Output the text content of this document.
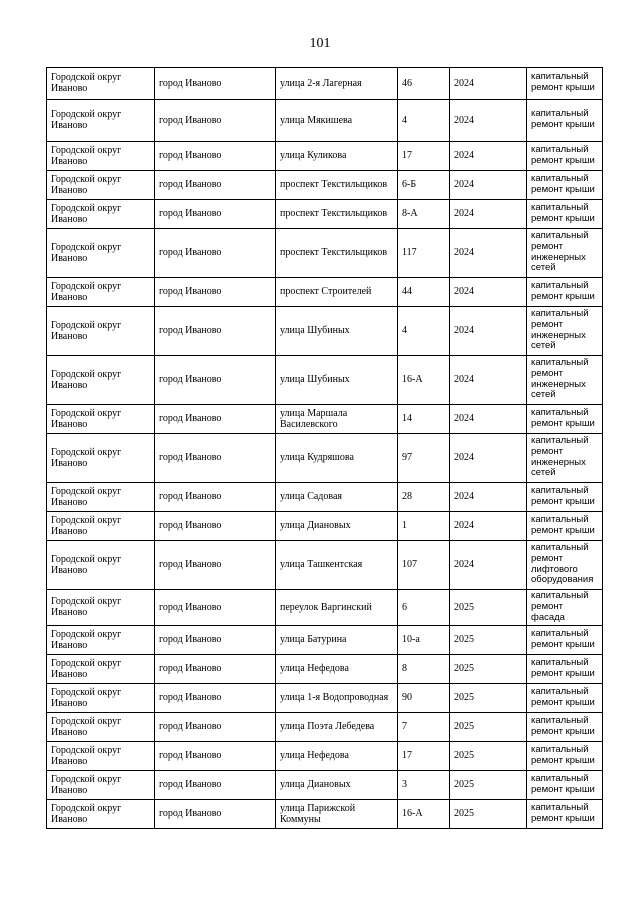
101
Городской округ Иваново	город Иваново	улица 2-я Лагерная	46	2024	капитальный ремонт крыши
Городской округ Иваново	город Иваново	улица Мякишева	4	2024	капитальный ремонт крыши
Городской округ Иваново	город Иваново	улица Куликова	17	2024	капитальный ремонт крыши
Городской округ Иваново	город Иваново	проспект Текстильщиков	6-Б	2024	капитальный ремонт крыши
Городской округ Иваново	город Иваново	проспект Текстильщиков	8-А	2024	капитальный ремонт крыши
Городской округ Иваново	город Иваново	проспект Текстильщиков	117	2024	капитальный ремонт инженерных сетей
Городской округ Иваново	город Иваново	проспект Строителей	44	2024	капитальный ремонт крыши
Городской округ Иваново	город Иваново	улица Шубиных	4	2024	капитальный ремонт инженерных сетей
Городской округ Иваново	город Иваново	улица Шубиных	16-А	2024	капитальный ремонт инженерных сетей
Городской округ Иваново	город Иваново	улица Маршала Василевского	14	2024	капитальный ремонт крыши
Городской округ Иваново	город Иваново	улица Кудряшова	97	2024	капитальный ремонт инженерных сетей
Городской округ Иваново	город Иваново	улица Садовая	28	2024	капитальный ремонт крыши
Городской округ Иваново	город Иваново	улица Диановых	1	2024	капитальный ремонт крыши
Городской округ Иваново	город Иваново	улица Ташкентская	107	2024	капитальный ремонт лифтового оборудования
Городской округ Иваново	город Иваново	переулок Варгинский	6	2025	капитальный ремонт фасада
Городской округ Иваново	город Иваново	улица Батурина	10-а	2025	капитальный ремонт крыши
Городской округ Иваново	город Иваново	улица Нефедова	8	2025	капитальный ремонт крыши
Городской округ Иваново	город Иваново	улица 1-я Водопроводная	90	2025	капитальный ремонт крыши
Городской округ Иваново	город Иваново	улица Поэта Лебедева	7	2025	капитальный ремонт крыши
Городской округ Иваново	город Иваново	улица Нефедова	17	2025	капитальный ремонт крыши
Городской округ Иваново	город Иваново	улица Диановых	3	2025	капитальный ремонт крыши
Городской округ Иваново	город Иваново	улица Парижской Коммуны	16-А	2025	капитальный ремонт крыши
